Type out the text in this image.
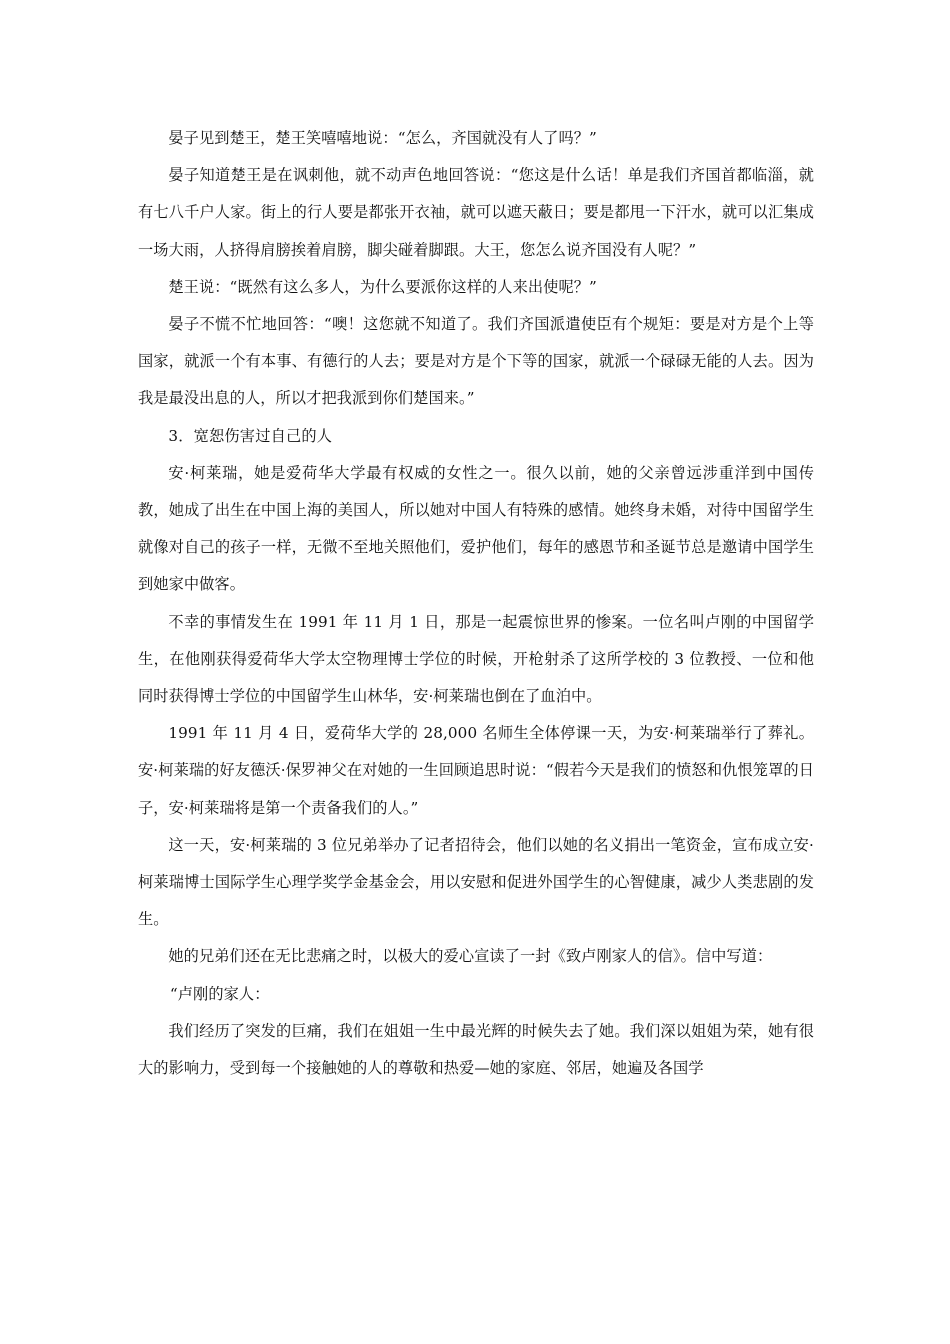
晏子见到楚王，楚王笑嘻嘻地说：“怎么，齐国就没有人了吗？”

晏子知道楚王是在讽刺他，就不动声色地回答说：“您这是什么话！单是我们齐国首都临淄，就有七八千户人家。街上的行人要是都张开衣袖，就可以遮天蔽日；要是都甩一下汗水，就可以汇集成一场大雨，人挤得肩膀挨着肩膀，脚尖碰着脚跟。大王，您怎么说齐国没有人呢？”

楚王说：“既然有这么多人，为什么要派你这样的人来出使呢？”

晏子不慌不忙地回答：“噢！这您就不知道了。我们齐国派遣使臣有个规矩：要是对方是个上等国家，就派一个有本事、有德行的人去；要是对方是个下等的国家，就派一个碌碌无能的人去。因为我是最没出息的人，所以才把我派到你们楚国来。”

3．宽恕伤害过自己的人

安·柯莱瑞，她是爱荷华大学最有权威的女性之一。很久以前，她的父亲曾远涉重洋到中国传教，她成了出生在中国上海的美国人，所以她对中国人有特殊的感情。她终身未婚，对待中国留学生就像对自己的孩子一样，无微不至地关照他们，爱护他们，每年的感恩节和圣诞节总是邀请中国学生到她家中做客。

不幸的事情发生在 1991 年 11 月 1 日，那是一起震惊世界的惨案。一位名叫卢刚的中国留学生，在他刚获得爱荷华大学太空物理博士学位的时候，开枪射杀了这所学校的 3 位教授、一位和他同时获得博士学位的中国留学生山林华，安·柯莱瑞也倒在了血泊中。

1991 年 11 月 4 日，爱荷华大学的 28,000 名师生全体停课一天，为安·柯莱瑞举行了葬礼。安·柯莱瑞的好友德沃·保罗神父在对她的一生回顾追思时说：“假若今天是我们的愤怒和仇恨笼罩的日子，安·柯莱瑞将是第一个责备我们的人。”

这一天，安·柯莱瑞的 3 位兄弟举办了记者招待会，他们以她的名义捐出一笔资金，宣布成立安·柯莱瑞博士国际学生心理学奖学金基金会，用以安慰和促进外国学生的心智健康，减少人类悲剧的发生。

她的兄弟们还在无比悲痛之时，以极大的爱心宣读了一封《致卢刚家人的信》。信中写道：

“卢刚的家人：

我们经历了突发的巨痛，我们在姐姐一生中最光辉的时候失去了她。我们深以姐姐为荣，她有很大的影响力，受到每一个接触她的人的尊敬和热爱—她的家庭、邻居，她遍及各国学
